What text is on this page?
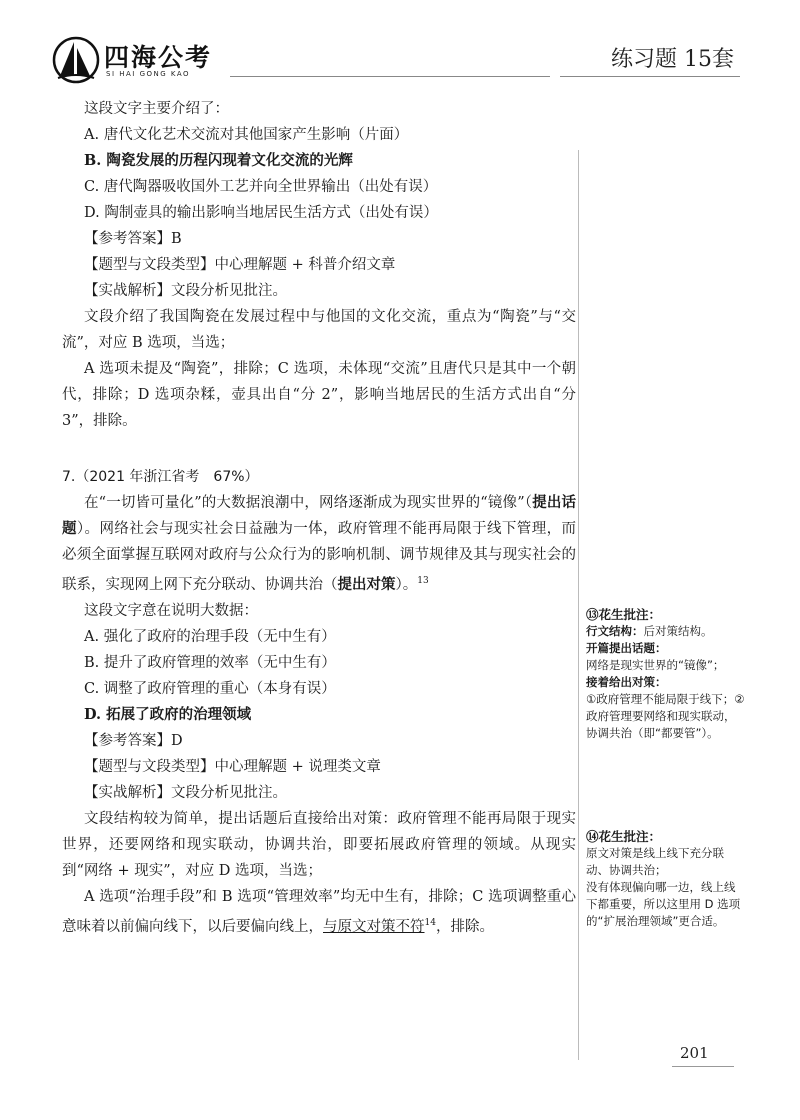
四海公考
SI HAI GONG KAO
练习题 15套

这段文字主要介绍了：

A. 唐代文化艺术交流对其他国家产生影响（片面）

B. 陶瓷发展的历程闪现着文化交流的光辉

C. 唐代陶器吸收国外工艺并向全世界输出（出处有误）

D. 陶制壶具的输出影响当地居民生活方式（出处有误）

【参考答案】B

【题型与文段类型】中心理解题 + 科普介绍文章

【实战解析】文段分析见批注。

文段介绍了我国陶瓷在发展过程中与他国的文化交流，重点为“陶瓷”与“交流”，对应 B 选项，当选；

A 选项未提及“陶瓷”，排除；C 选项，未体现“交流”且唐代只是其中一个朝代，排除；D 选项杂糅，壶具出自“分 2”，影响当地居民的生活方式出自“分 3”，排除。

7.（2021 年浙江省考　67%）

在“一切皆可量化”的大数据浪潮中，网络逐渐成为现实世界的“镜像”（提出话题）。网络社会与现实社会日益融为一体，政府管理不能再局限于线下管理，而必须全面掌握互联网对政府与公众行为的影响机制、调节规律及其与现实社会的联系，实现网上网下充分联动、协调共治（提出对策）。$^{13}$

这段文字意在说明大数据：

A. 强化了政府的治理手段（无中生有）

B. 提升了政府管理的效率（无中生有）

C. 调整了政府管理的重心（本身有误）

D. 拓展了政府的治理领域

【参考答案】D

【题型与文段类型】中心理解题 + 说理类文章

【实战解析】文段分析见批注。

文段结构较为简单，提出话题后直接给出对策：政府管理不能再局限于现实世界，还要网络和现实联动，协调共治，即要拓展政府管理的领域。从现实到“网络 + 现实”，对应 D 选项，当选；

A 选项“治理手段”和 B 选项“管理效率”均无中生有，排除；C 选项调整重心意味着以前偏向线下，以后要偏向线上，与原文对策不符$^{14}$，排除。

⑬花生批注：

行文结构：后对策结构。

开篇提出话题：

网络是现实世界的“镜像”；

接着给出对策：

①政府管理不能局限于线下；②政府管理要网络和现实联动，协调共治（即“都要管”）。

⑭花生批注：

原文对策是线上线下充分联动、协调共治；

没有体现偏向哪一边，线上线下都重要，所以这里用 D 选项的“扩展治理领域”更合适。

201
